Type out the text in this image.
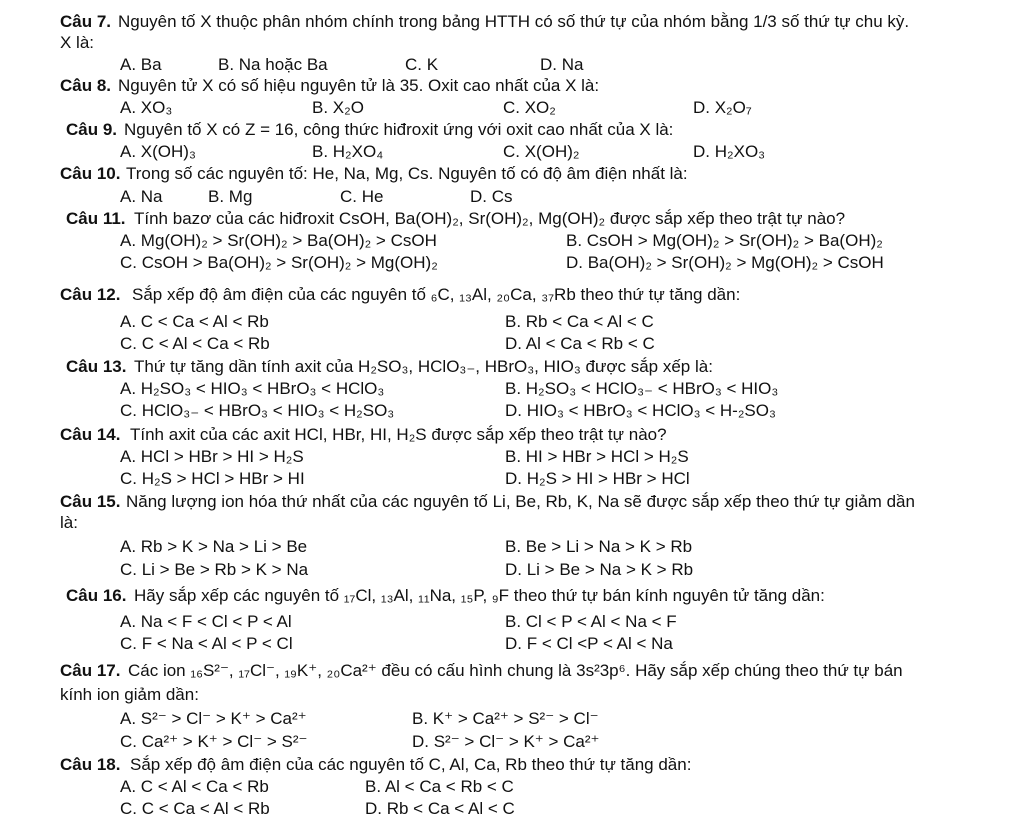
Câu 7. Nguyên tố X thuộc phân nhóm chính trong bảng HTTH có số thứ tự của nhóm bằng 1/3 số thứ tự chu kỳ.
X là:
A. Ba	B. Na hoặc Ba	C. K	D. Na
Câu 8. Nguyên tử X có số hiệu nguyên tử là 35. Oxit cao nhất của X là:
A. XO₃	B. X₂O	C. XO₂	D. X₂O₇
Câu 9. Nguyên tố X có Z = 16, công thức hiđroxit ứng với oxit cao nhất của X là:
A. X(OH)₃	B. H₂XO₄	C. X(OH)₂	D. H₂XO₃
Câu 10. Trong số các nguyên tố: He, Na, Mg, Cs. Nguyên tố có độ âm điện nhất là:
A. Na	B. Mg	C. He	D. Cs
Câu 11. Tính bazơ của các hiđroxit CsOH, Ba(OH)₂, Sr(OH)₂, Mg(OH)₂ được sắp xếp theo trật tự nào?
A. Mg(OH)₂ > Sr(OH)₂ > Ba(OH)₂ > CsOH	B. CsOH > Mg(OH)₂ > Sr(OH)₂ > Ba(OH)₂
C. CsOH > Ba(OH)₂ > Sr(OH)₂ > Mg(OH)₂	D. Ba(OH)₂ > Sr(OH)₂ > Mg(OH)₂ > CsOH
Câu 12. Sắp xếp độ âm điện của các nguyên tố ₆C, ₁₃Al, ₂₀Ca, ₃₇Rb theo thứ tự tăng dần:
A. C < Ca < Al < Rb	B. Rb < Ca < Al < C
C. C < Al < Ca < Rb	D. Al < Ca < Rb < C
Câu 13. Thứ tự tăng dần tính axit của H₂SO₃, HClO₃₋, HBrO₃, HIO₃ được sắp xếp là:
A. H₂SO₃ < HIO₃ < HBrO₃ < HClO₃	B. H₂SO₃ < HClO₃₋ < HBrO₃ < HIO₃
C. HClO₃₋ < HBrO₃ < HIO₃ < H₂SO₃	D. HIO₃ < HBrO₃ < HClO₃ < H-₂SO₃
Câu 14. Tính axit của các axit HCl, HBr, HI, H₂S được sắp xếp theo trật tự nào?
A. HCl > HBr > HI > H₂S	B. HI > HBr > HCl > H₂S
C. H₂S > HCl > HBr > HI	D. H₂S > HI > HBr > HCl
Câu 15. Năng lượng ion hóa thứ nhất của các nguyên tố Li, Be, Rb, K, Na sẽ được sắp xếp theo thứ tự giảm dần
là:
A. Rb > K > Na > Li > Be	B. Be > Li > Na > K > Rb
C. Li > Be > Rb > K > Na	D. Li > Be > Na > K > Rb
Câu 16. Hãy sắp xếp các nguyên tố ₁₇Cl, ₁₃Al, ₁₁Na, ₁₅P, ₉F theo thứ tự bán kính nguyên tử tăng dần:
A. Na < F < Cl < P < Al	B. Cl < P < Al < Na < F
C. F < Na < Al < P < Cl	D. F < Cl <P < Al < Na
Câu 17. Các ion ₁₆S²⁻, ₁₇Cl⁻, ₁₉K⁺, ₂₀Ca²⁺ đều có cấu hình chung là 3s²3p⁶. Hãy sắp xếp chúng theo thứ tự bán
kính ion giảm dần:
A. S²⁻ > Cl⁻ > K⁺ > Ca²⁺	B. K⁺ > Ca²⁺ > S²⁻ > Cl⁻
C. Ca²⁺ > K⁺ > Cl⁻ > S²⁻	D. S²⁻ > Cl⁻ > K⁺ > Ca²⁺
Câu 18. Sắp xếp độ âm điện của các nguyên tố C, Al, Ca, Rb theo thứ tự tăng dần:
A. C < Al < Ca < Rb	B. Al < Ca < Rb < C
C. C < Ca < Al < Rb	D. Rb < Ca < Al < C
